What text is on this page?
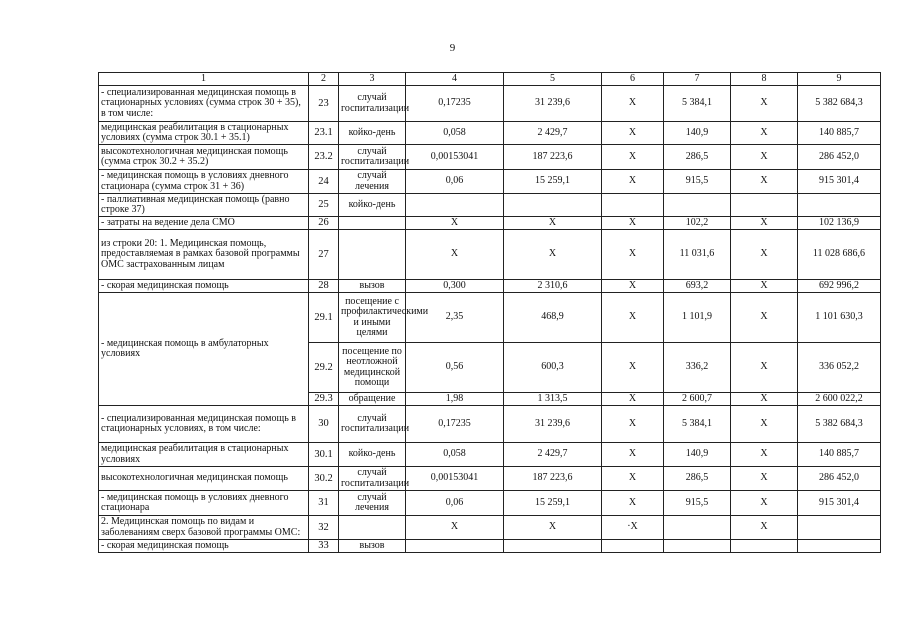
9
1	2	3	4	5	6	7	8	9
- специализированная медицинская помощь в стационарных условиях (сумма строк 30 + 35), в том числе:	23	случай госпитализации	0,17235	31 239,6	X	5 384,1	X	5 382 684,3
медицинская реабилитация в стационарных условиях (сумма строк 30.1 + 35.1)	23.1	койко-день	0,058	2 429,7	X	140,9	X	140 885,7
высокотехнологичная медицинская помощь (сумма строк 30.2 + 35.2)	23.2	случай госпитализации	0,00153041	187 223,6	X	286,5	X	286 452,0
- медицинская помощь в условиях дневного стационара (сумма строк 31 + 36)	24	случай лечения	0,06	15 259,1	X	915,5	X	915 301,4
- паллиативная медицинская помощь (равно строке 37)	25	койко-день						
- затраты на ведение дела СМО	26		X	X	X	102,2	X	102 136,9
из строки 20: 1. Медицинская помощь, предоставляемая в рамках базовой программы ОМС застрахованным лицам	27		X	X	X	11 031,6	X	11 028 686,6
- скорая медицинская помощь	28	вызов	0,300	2 310,6	X	693,2	X	692 996,2
- медицинская помощь в амбулаторных условиях	29.1	посещение с профилактическими и иными целями	2,35	468,9	X	1 101,9	X	1 101 630,3
	29.2	посещение по неотложной медицинской помощи	0,56	600,3	X	336,2	X	336 052,2
	29.3	обращение	1,98	1 313,5	X	2 600,7	X	2 600 022,2
- специализированная медицинская помощь в стационарных условиях, в том числе:	30	случай госпитализации	0,17235	31 239,6	X	5 384,1	X	5 382 684,3
медицинская реабилитация в стационарных условиях	30.1	койко-день	0,058	2 429,7	X	140,9	X	140 885,7
высокотехнологичная медицинская помощь	30.2	случай госпитализации	0,00153041	187 223,6	X	286,5	X	286 452,0
- медицинская помощь в условиях дневного стационара	31	случай лечения	0,06	15 259,1	X	915,5	X	915 301,4
2. Медицинская помощь по видам и заболеваниям сверх базовой программы ОМС:	32		X	X	·X		X	
- скорая медицинская помощь	33	вызов						
